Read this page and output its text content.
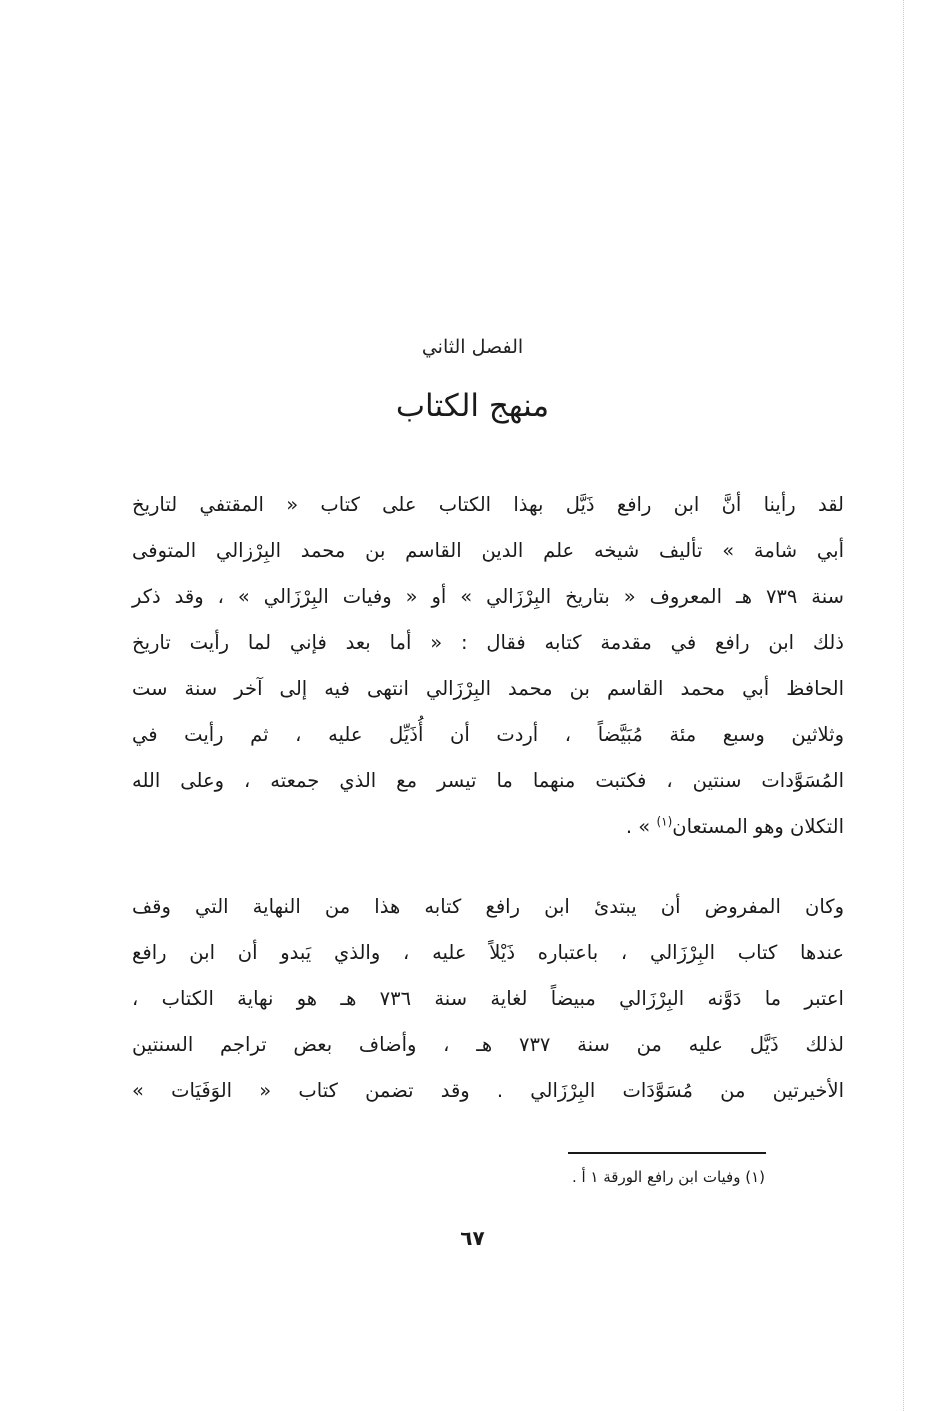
الفصل الثاني
منهج الكتاب
لقد رأينا أنَّ ابن رافع ذَيَّل بهذا الكتاب على كتاب « المقتفي لتاريخ
أبي شامة » تأليف شيخه علم الدين القاسم بن محمد البِرْزالي المتوفى
سنة ٧٣٩ هـ المعروف « بتاريخ البِرْزَالي » أو « وفيات البِرْزَالي » ، وقد ذكر
ذلك ابن رافع في مقدمة كتابه فقال : « أما بعد فإني لما رأيت تاريخ
الحافظ أبي محمد القاسم بن محمد البِرْزَالي انتهى فيه إلى آخر سنة ست
وثلاثين وسبع مئة مُبَيَّضاً ، أردت أن أُذَيِّل عليه ، ثم رأيت في
المُسَوَّدات سنتين ، فكتبت منهما ما تيسر مع الذي جمعته ، وعلى الله
التكلان وهو المستعان$^{(١)}$ » .
وكان المفروض أن يبتدئ ابن رافع كتابه هذا من النهاية التي وقف
عندها كتاب البِرْزَالي ، باعتباره ذَيْلاً عليه ، والذي يَبدو أن ابن رافع
اعتبر ما دَوَّنه البِرْزَالي مبيضاً لغاية سنة ٧٣٦ هـ هو نهاية الكتاب ،
لذلك ذَيَّل عليه من سنة ٧٣٧ هـ ، وأضاف بعض تراجم السنتين
الأخيرتين من مُسَوَّدَات البِرْزَالي . وقد تضمن كتاب « الوَفَيَات »
(١) وفيات ابن رافع الورقة ١ أ .
٦٧
